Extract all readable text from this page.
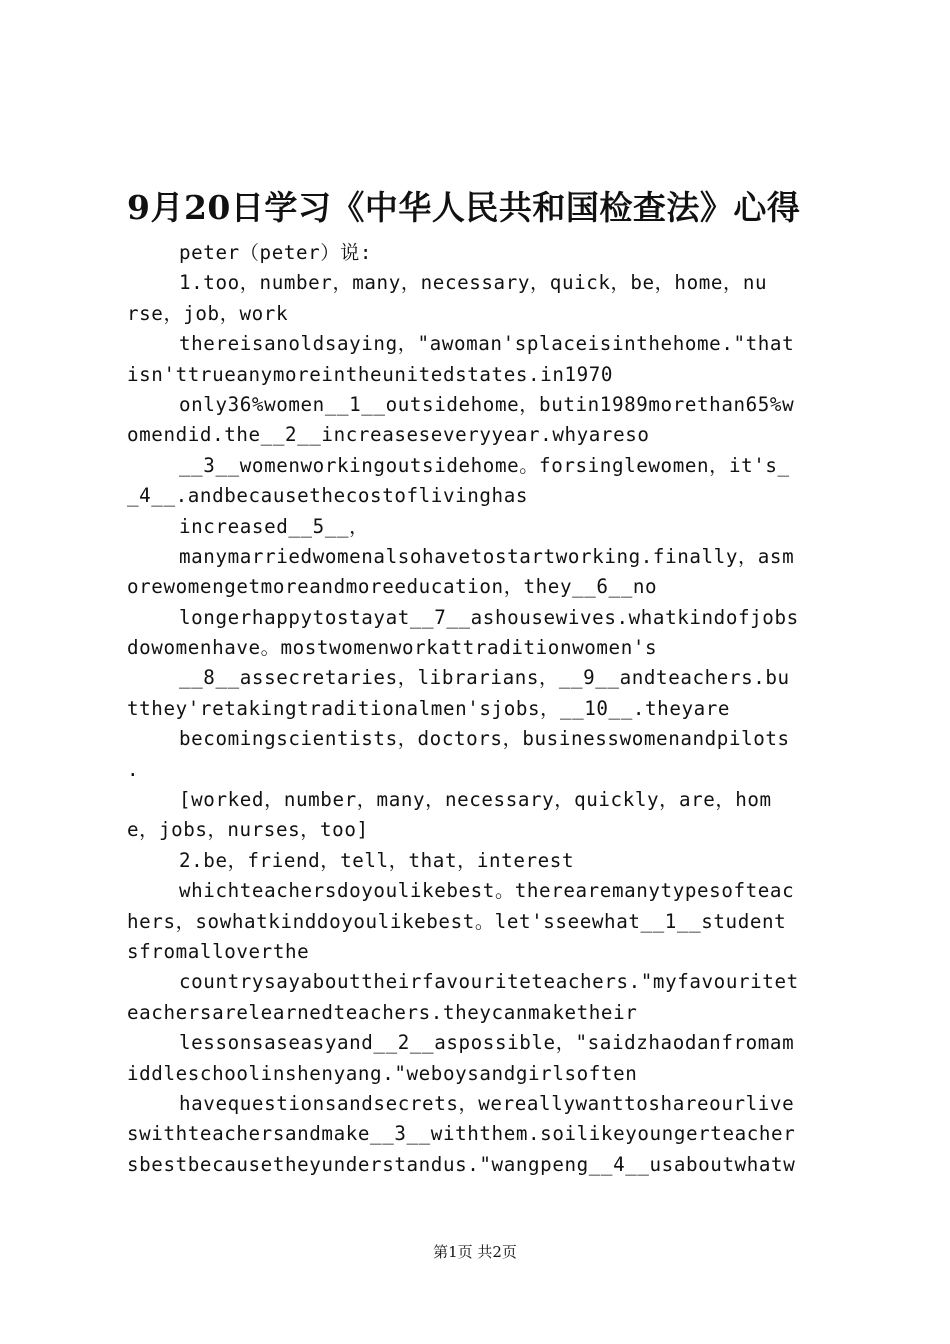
9月20日学习《中华人民共和国检查法》心得
peter（peter）说:
1.too，number，many，necessary，quick，be，home，nu
rse，job，work
thereisanoldsaying，"awoman'splaceisinthehome."that
isn'ttrueanymoreintheunitedstates.in1970
only36%women__1__outsidehome，butin1989morethan65%w
omendid.the__2__increaseseveryyear.whyareso
__3__womenworkingoutsidehome。forsinglewomen，it's_
_4__.andbecausethecostoflivinghas
increased__5__，
manymarriedwomenalsohavetostartworking.finally，asm
orewomengetmoreandmoreeducation，they__6__no
longerhappytostayat__7__ashousewives.whatkindofjobs
dowomenhave。mostwomenworkattraditionwomen's
__8__assecretaries，librarians，__9__andteachers.bu
tthey'retakingtraditionalmen'sjobs，__10__.theyare
becomingscientists，doctors，businesswomenandpilots
.
[worked，number，many，necessary，quickly，are，hom
e，jobs，nurses，too]
2.be，friend，tell，that，interest
whichteachersdoyoulikebest。therearemanytypesofteac
hers，sowhatkinddoyoulikebest。let'sseewhat__1__student
sfromalloverthe
countrysayabouttheirfavouriteteachers."myfavouritet
eachersarelearnedteachers.theycanmaketheir
lessonsaseasyand__2__aspossible，"saidzhaodanfromam
iddleschoolinshenyang."weboysandgirlsoften
havequestionsandsecrets，wereallywanttoshareourlive
swithteachersandmake__3__withthem.soilikeyoungerteacher
sbestbecausetheyunderstandus."wangpeng__4__usaboutwhatw
第1页 共2页
